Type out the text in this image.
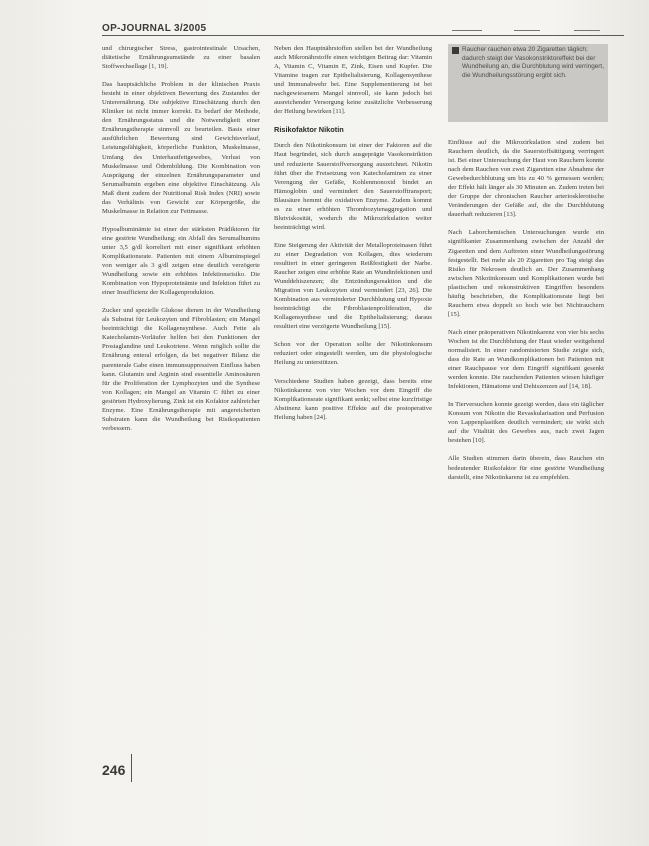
OP-JOURNAL 3/2005

und chirurgischer Stress, gastrointestinale Ursachen, diätetische Ernährungsumstände zu einer basalen Stoffwechsellage [1, 19].

Das hauptsächliche Problem in der klinischen Praxis besteht in einer objektiven Bewertung des Zustandes der Unterernährung. Die subjektive Einschätzung durch den Kliniker ist nicht immer korrekt. Es bedarf der Methode, den Ernährungsstatus und die Notwendigkeit einer Ernährungstherapie sinnvoll zu beurteilen. Basis einer ausführlichen Bewertung sind Gewichtsverlauf, Leistungsfähigkeit, körperliche Funktion, Muskelmasse, Umfang des Unterhautfettgewebes, Verlust von Muskelmasse und Ödembildung. Die Kombination von Ausprägung der einzelnen Ernährungsparameter und Serumalbumin ergeben eine objektive Einschätzung. Als Maß dient zudem der Nutritional Risk Index (NRI) sowie das Verhältnis von Gewicht zur Körpergröße, die Muskelmasse in Relation zur Fettmasse.

Hypoalbuminämie ist einer der stärksten Prädiktoren für eine gestörte Wundheilung; ein Abfall des Serumalbumins unter 3,5 g/dl korreliert mit einer signifikant erhöhten Komplikationsrate. Patienten mit einem Albuminspiegel von weniger als 3 g/dl zeigen eine deutlich verzögerte Wundheilung sowie ein erhöhtes Infektionsrisiko. Die Kombination von Hypoproteinämie und Infektion führt zu einer Insuffizienz der Kollagenproduktion.

Zucker und spezielle Glukose dienen in der Wundheilung als Substrat für Leukozyten und Fibroblasten; ein Mangel beeinträchtigt die Kollagensynthese. Auch Fette als Katecholamin-Vorläufer helfen bei den Funktionen der Prostaglandine und Leukotriene. Wenn möglich sollte die Ernährung enteral erfolgen, da bei negativer Bilanz die parenterale Gabe einen immunsuppressiven Einfluss haben kann. Glutamin und Arginin sind essentielle Aminosäuren für die Proliferation der Lymphozyten und die Synthese von Kollagen; ein Mangel an Vitamin C führt zu einer gestörten Hydroxylierung, Zink ist ein Kofaktor zahlreicher Enzyme. Eine Ernährungstherapie mit angereicherten Substraten kann die Wundheilung bei Risikopatienten verbessern.

Neben den Hauptnährstoffen stellen bei der Wundheilung auch Mikronährstoffe einen wichtigen Beitrag dar: Vitamin A, Vitamin C, Vitamin E, Zink, Eisen und Kupfer. Die Vitamine tragen zur Epithelialisierung, Kollagensynthese und Immunabwehr bei. Eine Supplementierung ist bei nachgewiesenem Mangel sinnvoll, sie kann jedoch bei ausreichender Versorgung keine zusätzliche Verbesserung der Heilung bewirken [11].

Risikofaktor Nikotin

Durch den Nikotinkonsum ist einer der Faktoren auf die Haut begründet, sich durch ausgeprägte Vasokonstriktion und reduzierte Sauerstoffversorgung auszeichnet. Nikotin führt über die Freisetzung von Katecholaminen zu einer Verengung der Gefäße, Kohlenmonoxid bindet an Hämoglobin und vermindert den Sauerstofftransport; Blausäure hemmt die oxidativen Enzyme. Zudem kommt es zu einer erhöhten Thrombozytenaggregation und Blutviskosität, wodurch die Mikrozirkulation weiter beeinträchtigt wird.

Eine Steigerung der Aktivität der Metalloproteinasen führt zu einer Degradation von Kollagen, dies wiederum resultiert in einer geringeren Reißfestigkeit der Narbe. Raucher zeigen eine erhöhte Rate an Wundinfektionen und Wunddehiszenzen; die Entzündungsreaktion und die Migration von Leukozyten sind vermindert [23, 26]. Die Kombination aus verminderter Durchblutung und Hypoxie beeinträchtigt die Fibroblastenproliferation, die Kollagensynthese und die Epithelialisierung; daraus resultiert eine verzögerte Wundheilung [15].

Schon vor der Operation sollte der Nikotinkonsum reduziert oder eingestellt werden, um die physiologische Heilung zu unterstützen.

Verschiedene Studien haben gezeigt, dass bereits eine Nikotinkarenz von vier Wochen vor dem Eingriff die Komplikationsrate signifikant senkt; selbst eine kurzfristige Abstinenz kann positive Effekte auf die postoperative Heilung haben [24].

Raucher rauchen etwa 20 Zigaretten täglich; dadurch steigt der Vasokonstriktoreffekt bei der Wundheilung an, die Durchblutung wird verringert, die Wundheilungsstörung ergibt sich.

Einflüsse auf die Mikrozirkulation sind zudem bei Rauchern deutlich, da die Sauerstoffsättigung verringert ist. Bei einer Untersuchung der Haut von Rauchern konnte nach dem Rauchen von zwei Zigaretten eine Abnahme der Gewebedurchblutung um bis zu 40 % gemessen werden; der Effekt hält länger als 30 Minuten an. Zudem treten bei der Gruppe der chronischen Raucher arteriosklerotische Veränderungen der Gefäße auf, die die Durchblutung dauerhaft reduzieren [13].

Nach Laborchemischen Untersuchungen wurde ein signifikanter Zusammenhang zwischen der Anzahl der Zigaretten und dem Auftreten einer Wundheilungsstörung festgestellt. Bei mehr als 20 Zigaretten pro Tag steigt das Risiko für Nekrosen deutlich an. Der Zusammenhang zwischen Nikotinkonsum und Komplikationen wurde bei plastischen und rekonstruktiven Eingriffen besonders häufig beschrieben, die Komplikationsrate liegt bei Rauchern etwa doppelt so hoch wie bei Nichtrauchern [15].

Nach einer präoperativen Nikotinkarenz von vier bis sechs Wochen ist die Durchblutung der Haut wieder weitgehend normalisiert. In einer randomisierten Studie zeigte sich, dass die Rate an Wundkomplikationen bei Patienten mit einer Rauchpause vor dem Eingriff signifikant gesenkt werden konnte. Die rauchenden Patienten wiesen häufiger Infektionen, Hämatome und Dehiszenzen auf [14, 18].

In Tierversuchen konnte gezeigt werden, dass ein täglicher Konsum von Nikotin die Revaskularisation und Perfusion von Lappenplastiken deutlich vermindert; sie wirkt sich auf die Vitalität des Gewebes aus, nach zwei Jagen bestehen [10].

Alle Studien stimmen darin überein, dass Rauchen ein bedeutender Risikofaktor für eine gestörte Wundheilung darstellt, eine Nikotinkarenz ist zu empfehlen.

246
